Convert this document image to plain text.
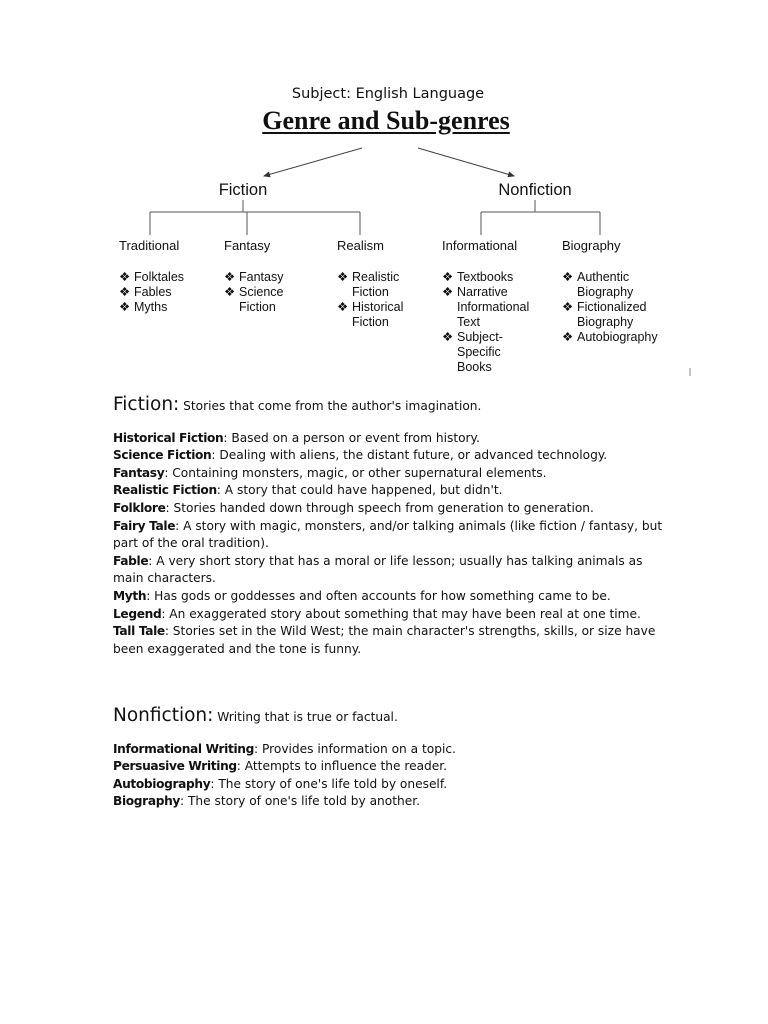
Subject: English Language
Genre and Sub-genres
Fiction
Traditional
❖ Folktales
❖ Fables
❖ Myths
Fantasy
❖ Fantasy
❖ Science
Fiction
Realism
❖ Realistic
Fiction
❖ Historical
Fiction
Nonfiction
Informational
❖ Textbooks
❖ Narrative
Informational
Text
❖ Subject-
Specific
Books
Biography
❖ Authentic
Biography
❖ Fictionalized
Biography
❖ Autobiography
Fiction: Stories that come from the author's imagination.

Historical Fiction: Based on a person or event from history.

Science Fiction: Dealing with aliens, the distant future, or advanced technology.

Fantasy: Containing monsters, magic, or other supernatural elements.

Realistic Fiction: A story that could have happened, but didn't.

Folklore: Stories handed down through speech from generation to generation.

Fairy Tale: A story with magic, monsters, and/or talking animals (like fiction / fantasy, but part of the oral tradition).

Fable: A very short story that has a moral or life lesson; usually has talking animals as main characters.

Myth: Has gods or goddesses and often accounts for how something came to be.

Legend: An exaggerated story about something that may have been real at one time.

Tall Tale: Stories set in the Wild West; the main character's strengths, skills, or size have been exaggerated and the tone is funny.

Nonfiction: Writing that is true or factual.

Informational Writing: Provides information on a topic.

Persuasive Writing: Attempts to influence the reader.

Autobiography: The story of one's life told by oneself.

Biography: The story of one's life told by another.
